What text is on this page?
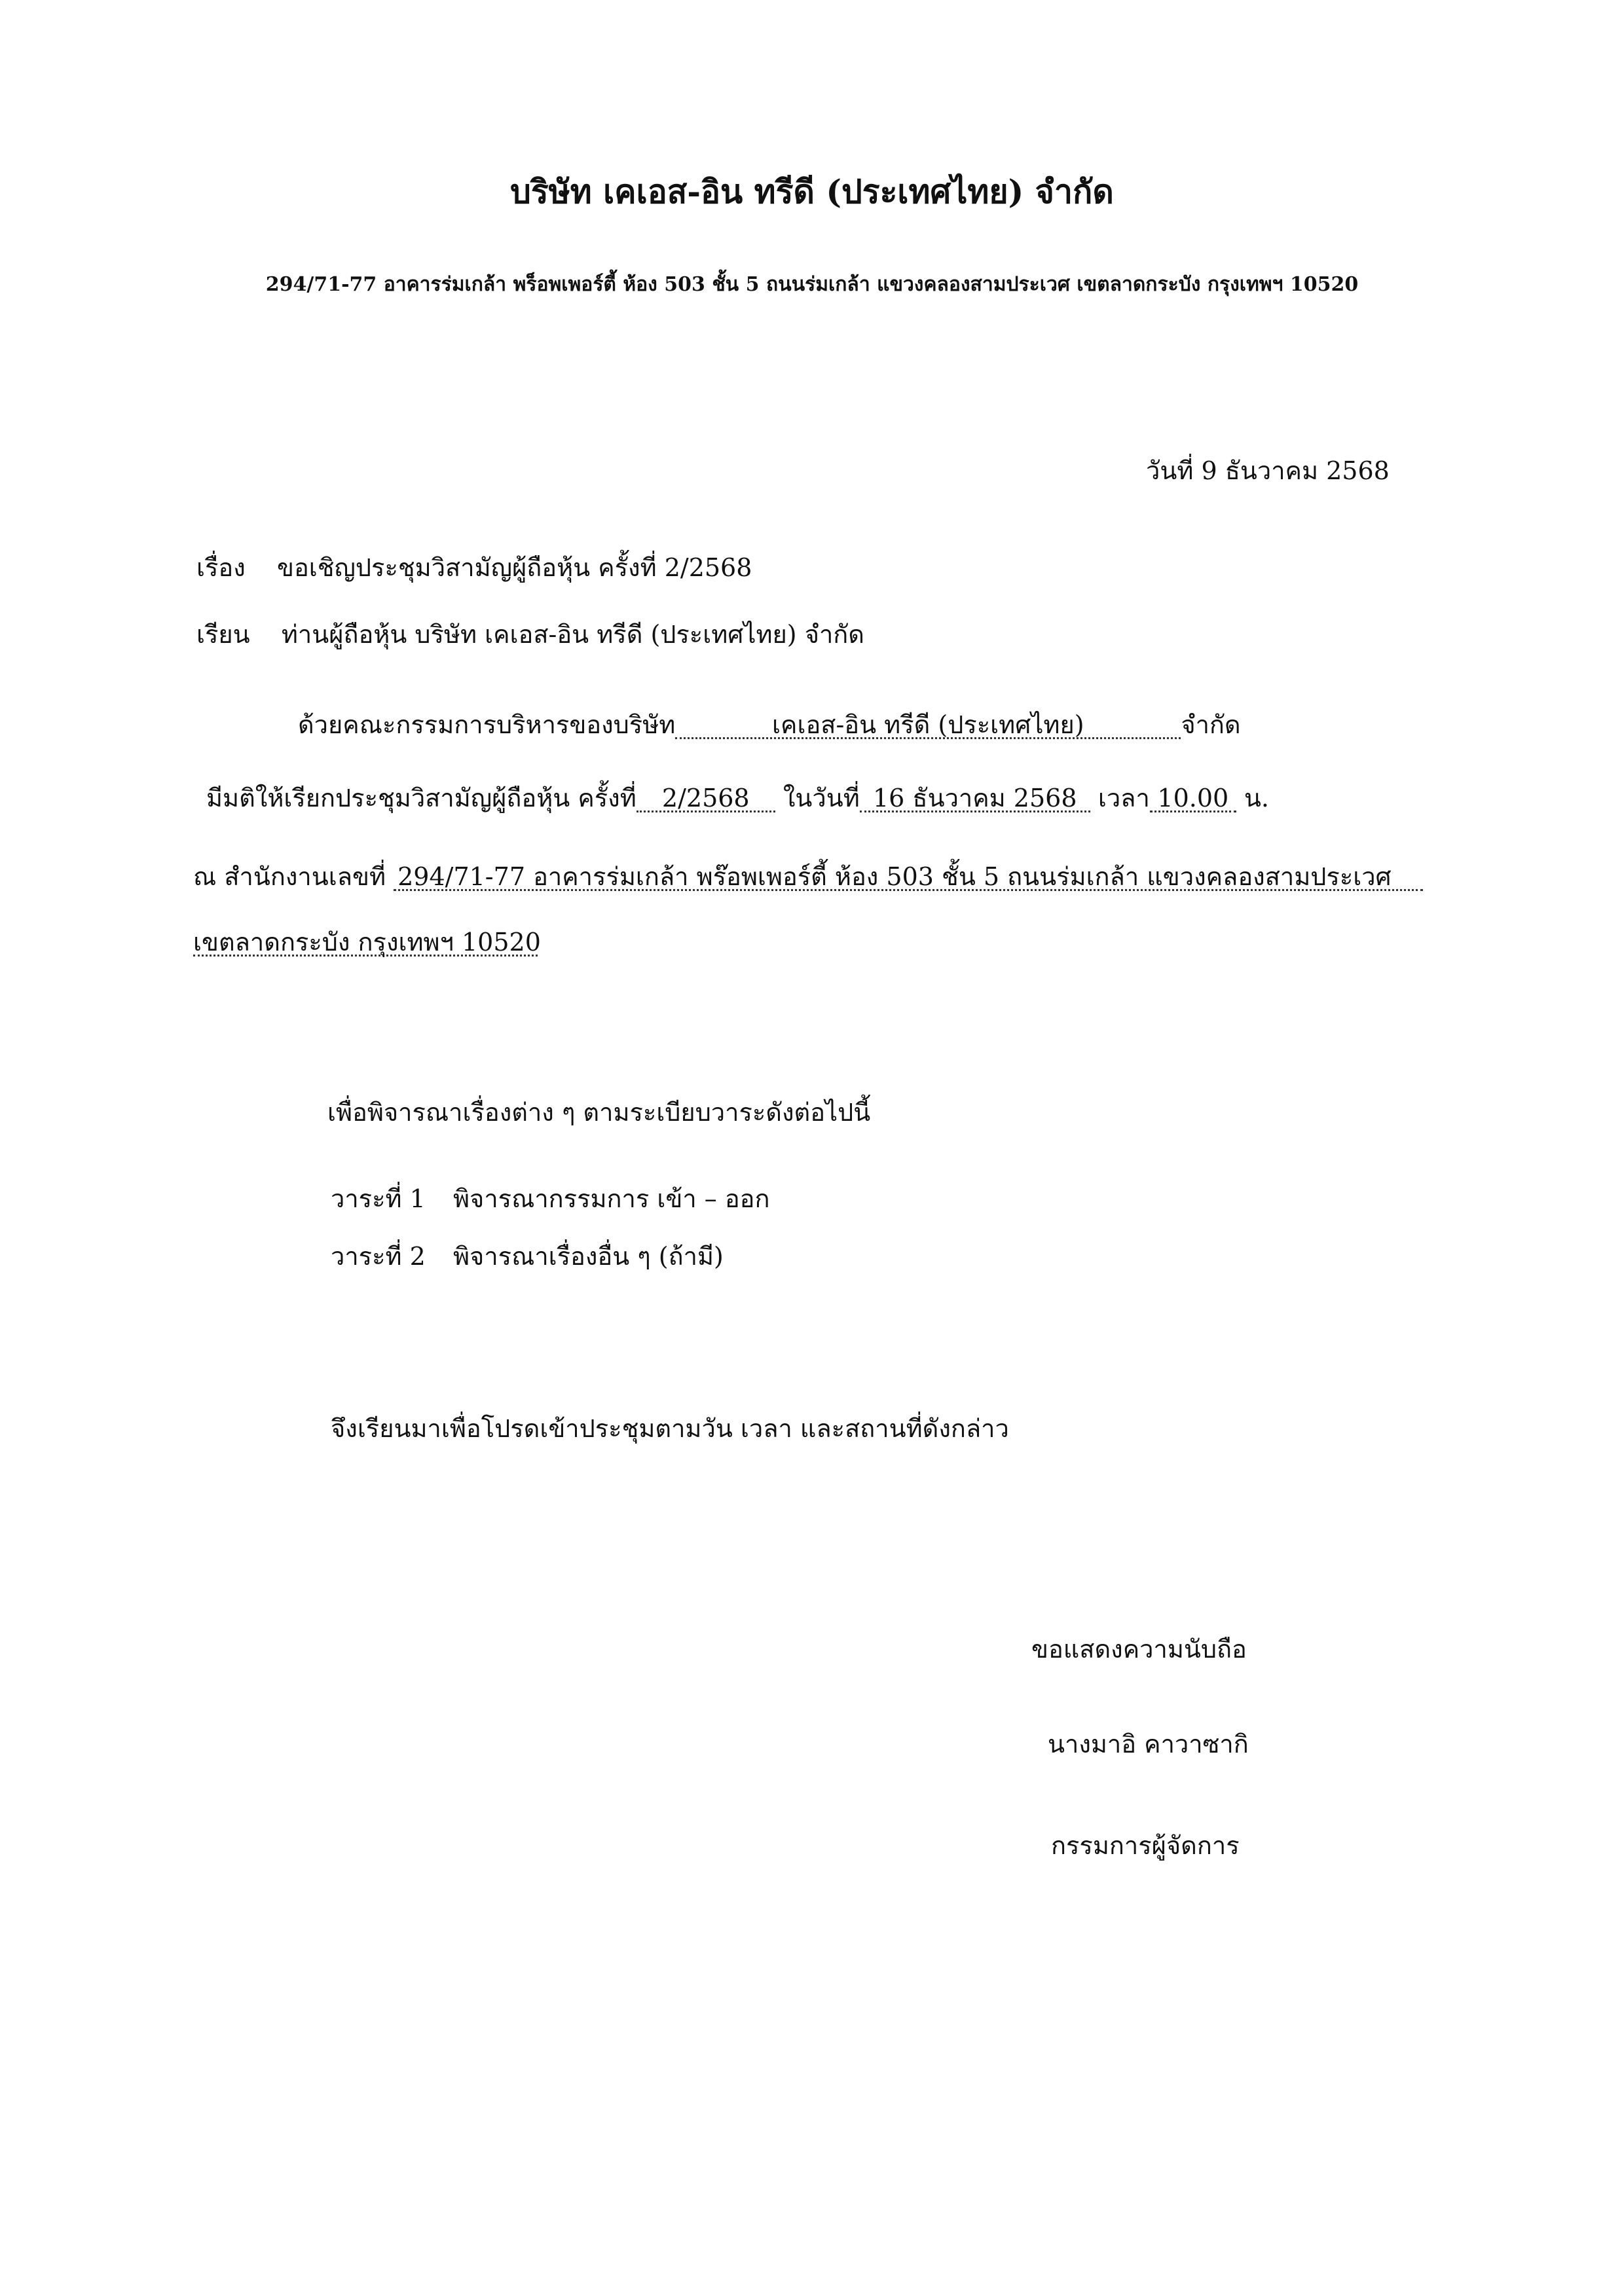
บริษัท เคเอส-อิน ทรีดี (ประเทศไทย) จำกัด
294/71-77 อาคารร่มเกล้า พร็อพเพอร์ตี้ ห้อง 503 ชั้น 5 ถนนร่มเกล้า แขวงคลองสามประเวศ เขตลาดกระบัง กรุงเทพฯ 10520
วันที่ 9 ธันวาคม 2568
เรื่อง ขอเชิญประชุมวิสามัญผู้ถือหุ้น ครั้งที่ 2/2568
เรียน ท่านผู้ถือหุ้น บริษัท เคเอส-อิน ทรีดี (ประเทศไทย) จำกัด
ด้วยคณะกรรมการบริหารของบริษัท	เคเอส-อิน ทรีดี (ประเทศไทย)	จำกัด
มีมติให้เรียกประชุมวิสามัญผู้ถือหุ้น ครั้งที่ 2/2568 ในวันที่ 16 ธันวาคม 2568 เวลา 10.00 น.
ณ สำนักงานเลขที่ 294/71-77 อาคารร่มเกล้า พร๊อพเพอร์ตี้ ห้อง 503 ชั้น 5 ถนนร่มเกล้า แขวงคลองสามประเวศ
เขตลาดกระบัง กรุงเทพฯ 10520
เพื่อพิจารณาเรื่องต่าง ๆ ตามระเบียบวาระดังต่อไปนี้
วาระที่ 1 พิจารณากรรมการ เข้า – ออก
วาระที่ 2 พิจารณาเรื่องอื่น ๆ (ถ้ามี)
จึงเรียนมาเพื่อโปรดเข้าประชุมตามวัน เวลา และสถานที่ดังกล่าว
ขอแสดงความนับถือ
นางมาอิ คาวาซากิ
กรรมการผู้จัดการ
